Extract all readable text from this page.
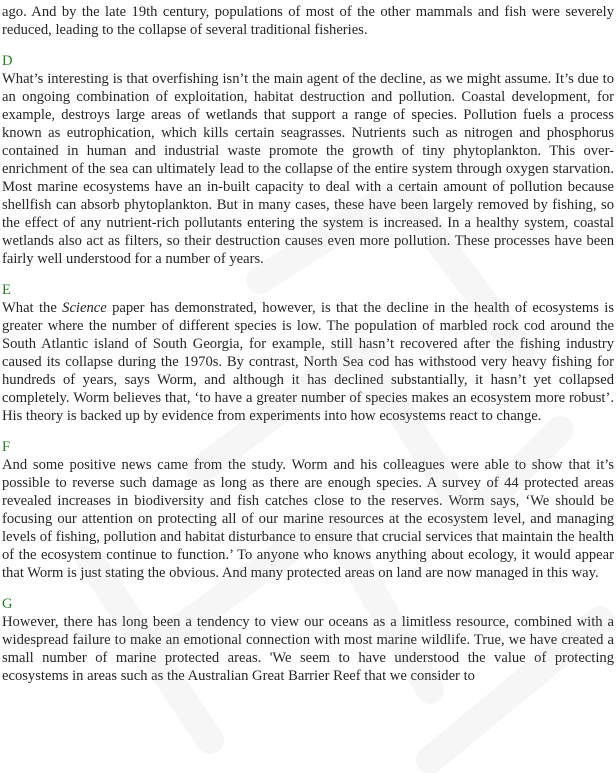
ago. And by the late 19th century, populations of most of the other mammals and fish were severely reduced, leading to the collapse of several traditional fisheries.
D
What’s interesting is that overfishing isn’t the main agent of the decline, as we might assume. It’s due to an ongoing combination of exploitation, habitat destruction and pollution. Coastal development, for example, destroys large areas of wetlands that support a range of species. Pollution fuels a process known as eutrophication, which kills certain seagrasses. Nutrients such as nitrogen and phosphorus contained in human and industrial waste promote the growth of tiny phytoplankton. This over-enrichment of the sea can ultimately lead to the collapse of the entire system through oxygen starvation. Most marine ecosystems have an in-built capacity to deal with a certain amount of pollution because shellfish can absorb phytoplankton. But in many cases, these have been largely removed by fishing, so the effect of any nutrient-rich pollutants entering the system is increased. In a healthy system, coastal wetlands also act as filters, so their destruction causes even more pollution. These processes have been fairly well understood for a number of years.
E
What the Science paper has demonstrated, however, is that the decline in the health of ecosystems is greater where the number of different species is low. The population of marbled rock cod around the South Atlantic island of South Georgia, for example, still hasn’t recovered after the fishing industry caused its collapse during the 1970s. By contrast, North Sea cod has withstood very heavy fishing for hundreds of years, says Worm, and although it has declined substantially, it hasn’t yet collapsed completely. Worm believes that, ‘to have a greater number of species makes an ecosystem more robust’. His theory is backed up by evidence from experiments into how ecosystems react to change.
F
And some positive news came from the study. Worm and his colleagues were able to show that it’s possible to reverse such damage as long as there are enough species. A survey of 44 protected areas revealed increases in biodiversity and fish catches close to the reserves. Worm says, ‘We should be focusing our attention on protecting all of our marine resources at the ecosystem level, and managing levels of fishing, pollution and habitat disturbance to ensure that crucial services that maintain the health of the ecosystem continue to function.’ To anyone who knows anything about ecology, it would appear that Worm is just stating the obvious. And many protected areas on land are now managed in this way.
G
However, there has long been a tendency to view our oceans as a limitless resource, combined with a widespread failure to make an emotional connection with most marine wildlife. True, we have created a small number of marine protected areas. 'We seem to have understood the value of protecting ecosystems in areas such as the Australian Great Barrier Reef that we consider to
